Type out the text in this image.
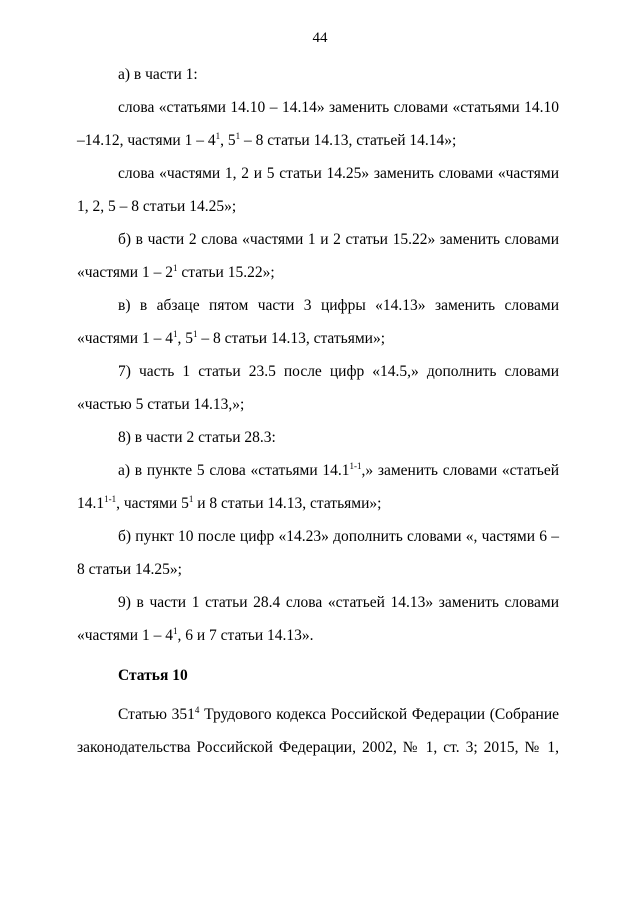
44

а) в части 1:

слова «статьями 14.10 – 14.14» заменить словами «статьями 14.10 –14.12, частями $1 - 4^1$, $5^1 - 8$ статьи 14.13, статьей 14.14»;

слова «частями 1, 2 и 5 статьи 14.25» заменить словами «частями 1, 2, 5 – 8 статьи 14.25»;

б) в части 2 слова «частями 1 и 2 статьи 15.22» заменить словами «частями $1 - 2^1$ статьи 15.22»;

в) в абзаце пятом части 3 цифры «14.13» заменить словами «частями $1 - 4^1$, $5^1 - 8$ статьи 14.13, статьями»;

7) часть 1 статьи 23.5 после цифр «14.5,» дополнить словами «частью 5 статьи 14.13,»;

8) в части 2 статьи 28.3:

а) в пункте 5 слова «статьями 14.1$^{1-1}$,» заменить словами «статьей 14.1$^{1-1}$, частями $5^1$ и 8 статьи 14.13, статьями»;

б) пункт 10 после цифр «14.23» дополнить словами «, частями 6 – 8 статьи 14.25»;

9) в части 1 статьи 28.4 слова «статьей 14.13» заменить словами «частями $1 - 4^1$, 6 и 7 статьи 14.13».

Статья 10

Статью $351^4$ Трудового кодекса Российской Федерации (Собрание законодательства Российской Федерации, 2002, № 1, ст. 3; 2015, № 1,
